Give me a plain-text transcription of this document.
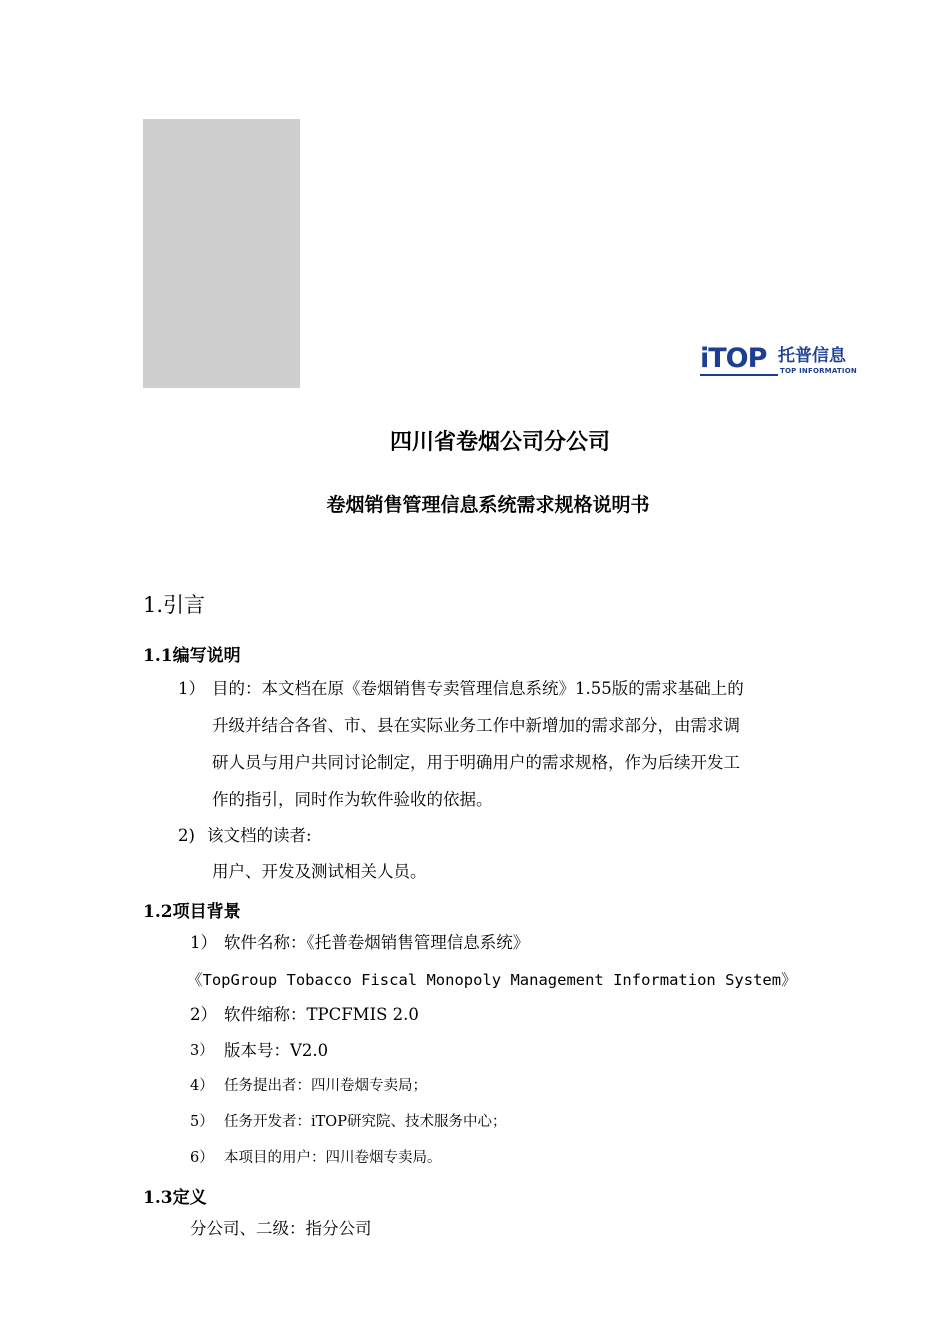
iTOP 托普信息
TOP INFORMATION
四川省卷烟公司分公司
卷烟销售管理信息系统需求规格说明书
1.引言
1.1编写说明
1） 目的：本文档在原《卷烟销售专卖管理信息系统》1.55版的需求基础上的
升级并结合各省、市、县在实际业务工作中新增加的需求部分，由需求调
研人员与用户共同讨论制定，用于明确用户的需求规格，作为后续开发工
作的指引，同时作为软件验收的依据。
2) 该文档的读者:
用户、开发及测试相关人员。
1.2项目背景
1） 软件名称：《托普卷烟销售管理信息系统》
《TopGroup Tobacco Fiscal Monopoly Management Information System》
2） 软件缩称：TPCFMIS 2.0
3） 版本号：V2.0
4） 任务提出者：四川卷烟专卖局；
5） 任务开发者：iTOP研究院、技术服务中心；
6） 本项目的用户：四川卷烟专卖局。
1.3定义
分公司、二级：指分公司
